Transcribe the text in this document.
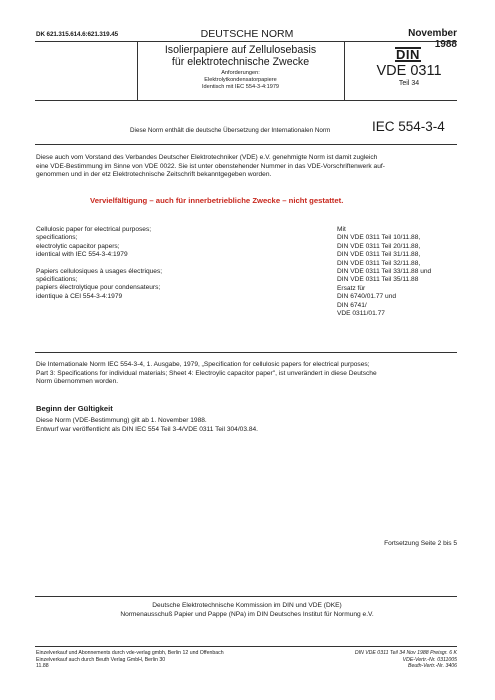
DK 621.315.614.6:621.319.45	DEUTSCHE NORM	November 1988
Isolierpapiere auf Zellulosebasis
für elektrotechnische Zwecke
Anforderungen:
Elektrolytkondensatorpapiere
Identisch mit IEC 554-3-4:1979
DIN
VDE 0311
Teil 34
Diese Norm enthält die deutsche Übersetzung der Internationalen Norm	IEC 554-3-4
Diese auch vom Vorstand des Verbandes Deutscher Elektrotechniker (VDE) e.V. genehmigte Norm ist damit zugleich
eine VDE-Bestimmung im Sinne von VDE 0022. Sie ist unter obenstehender Nummer in das VDE-Vorschriftenwerk auf-
genommen und in der etz Elektrotechnische Zeitschrift bekanntgegeben worden.
Vervielfältigung – auch für innerbetriebliche Zwecke – nicht gestattet.
Cellulosic paper for electrical purposes;
specifications;
electrolytic capacitor papers;
identical with IEC 554-3-4:1979
Papiers cellulosiques à usages électriques;
spécifications;
papiers électrolytique pour condensateurs;
identique à CEI 554-3-4:1979
Mit
DIN VDE 0311 Teil 10/11.88,
DIN VDE 0311 Teil 20/11.88,
DIN VDE 0311 Teil 31/11.88,
DIN VDE 0311 Teil 32/11.88,
DIN VDE 0311 Teil 33/11.88 und
DIN VDE 0311 Teil 35/11.88
Ersatz für
DIN 6740/01.77 und
DIN 6741/
VDE 0311/01.77
Die Internationale Norm IEC 554-3-4, 1. Ausgabe, 1979, „Specification for cellulosic papers for electrical purposes;
Part 3: Specifications for individual materials; Sheet 4: Electroylic capacitor paper", ist unverändert in diese Deutsche
Norm übernommen worden.
Beginn der Gültigkeit
Diese Norm (VDE-Bestimmung) gilt ab 1. November 1988.
Entwurf war veröffentlicht als DIN IEC 554 Teil 3-4/VDE 0311 Teil 304/03.84.
Fortsetzung Seite 2 bis 5
Deutsche Elektrotechnische Kommission im DIN und VDE (DKE)
Normenausschuß Papier und Pappe (NPa) im DIN Deutsches Institut für Normung e.V.
Einzelverkauf und Abonnements durch vde-verlag gmbh, Berlin 12 und Offenbach
Einzelverkauf auch durch Beuth Verlag GmbH, Berlin 30
11.88
DIN VDE 0311 Teil 34 Nov 1988 Preisgr. 6 K
VDE-Vertr.-Nr. 0311005
Beuth-Vertr.-Nr. 3406
